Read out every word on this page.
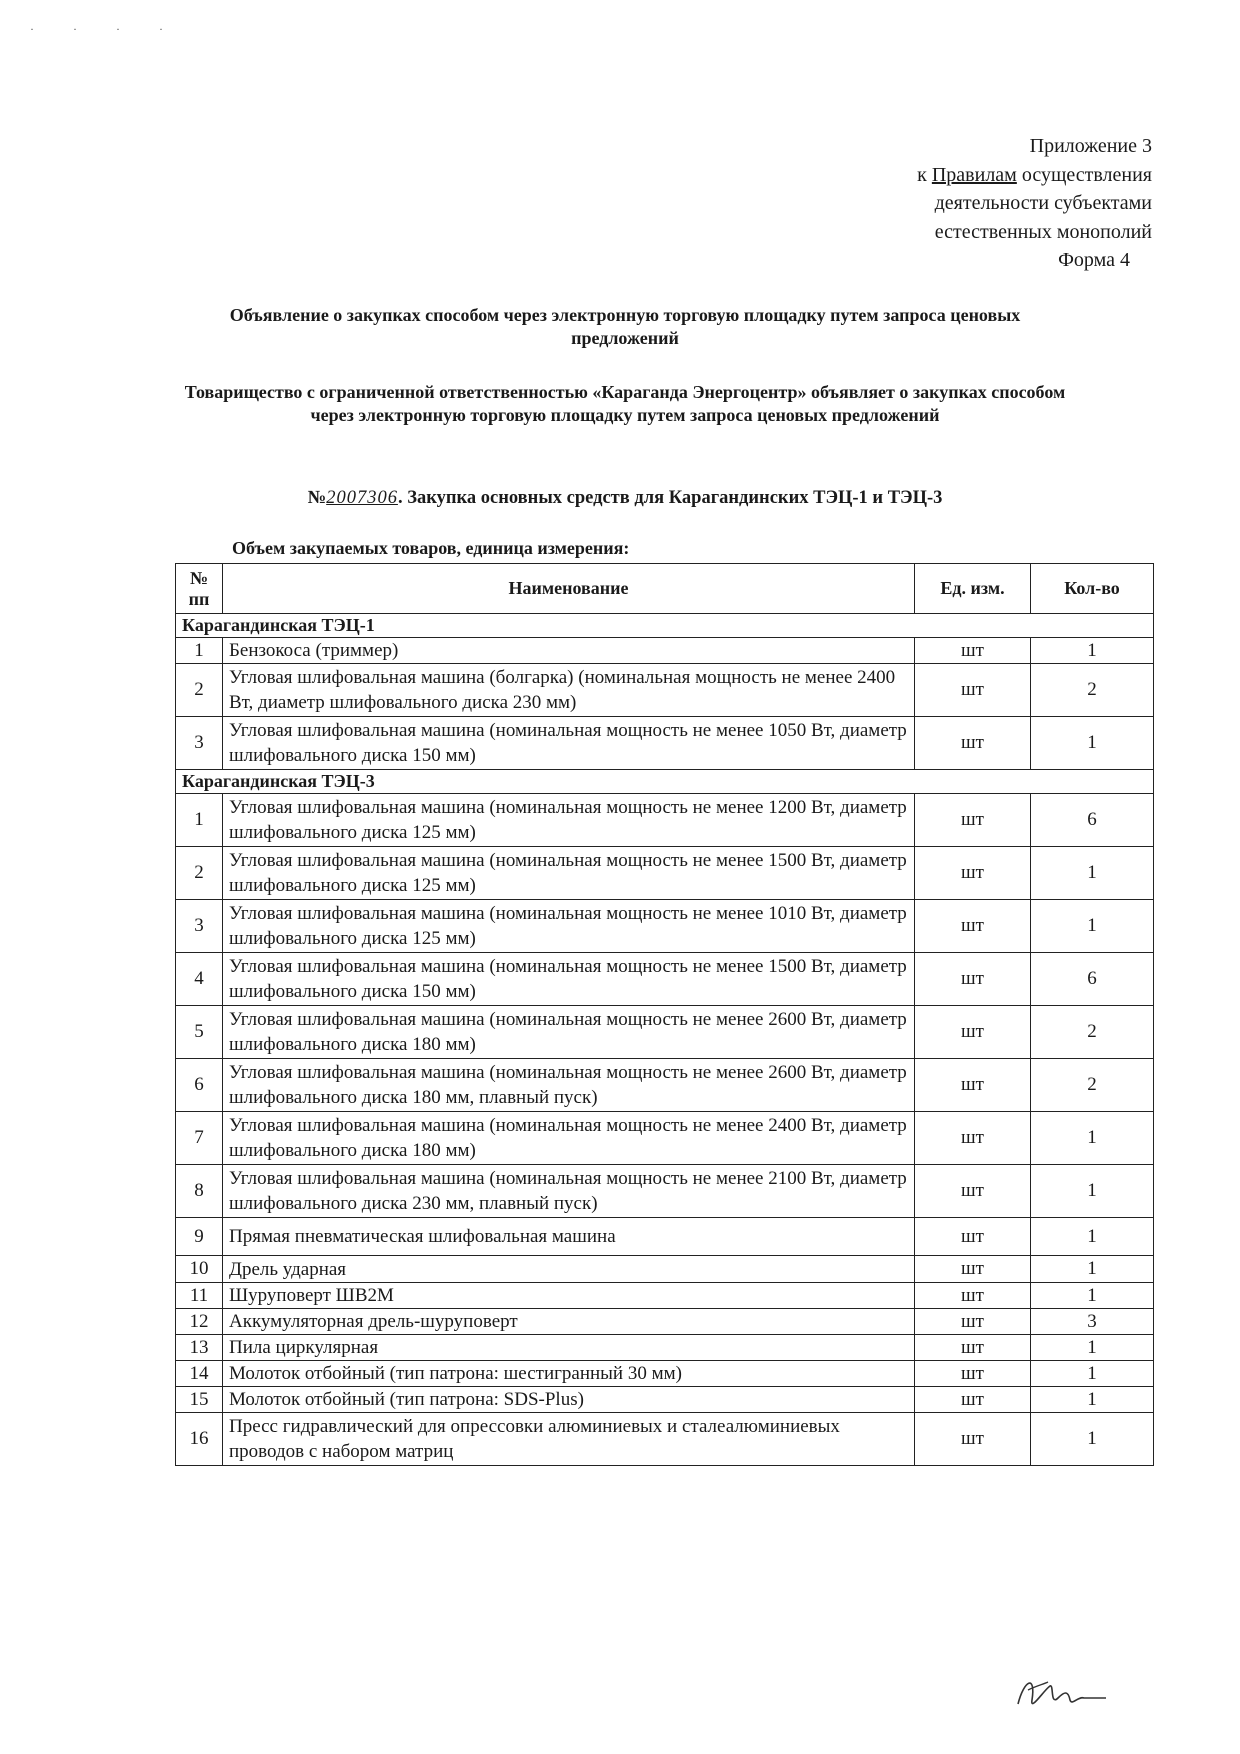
· · · ·
Приложение 3
к Правилам осуществления
деятельности субъектами
естественных монополий
Форма 4
Объявление о закупках способом через электронную торговую площадку путем запроса ценовых предложений
Товарищество с ограниченной ответственностью «Караганда Энергоцентр» объявляет о закупках способом через электронную торговую площадку путем запроса ценовых предложений
№2007306. Закупка основных средств для Карагандинских ТЭЦ-1 и ТЭЦ-3
Объем закупаемых товаров, единица измерения:
№ пп	Наименование	Ед. изм.	Кол-во
Карагандинская ТЭЦ-1			
1	Бензокоса (триммер)	шт	1
2	Угловая шлифовальная машина (болгарка) (номинальная мощность не менее 2400 Вт, диаметр шлифовального диска 230 мм)	шт	2
3	Угловая шлифовальная машина (номинальная мощность не менее 1050 Вт, диаметр шлифовального диска 150 мм)	шт	1
Карагандинская ТЭЦ-3			
1	Угловая шлифовальная машина (номинальная мощность не менее 1200 Вт, диаметр шлифовального диска 125 мм)	шт	6
2	Угловая шлифовальная машина (номинальная мощность не менее 1500 Вт, диаметр шлифовального диска 125 мм)	шт	1
3	Угловая шлифовальная машина (номинальная мощность не менее 1010 Вт, диаметр шлифовального диска 125 мм)	шт	1
4	Угловая шлифовальная машина (номинальная мощность не менее 1500 Вт, диаметр шлифовального диска 150 мм)	шт	6
5	Угловая шлифовальная машина (номинальная мощность не менее 2600 Вт, диаметр шлифовального диска 180 мм)	шт	2
6	Угловая шлифовальная машина (номинальная мощность не менее 2600 Вт, диаметр шлифовального диска 180 мм, плавный пуск)	шт	2
7	Угловая шлифовальная машина (номинальная мощность не менее 2400 Вт, диаметр шлифовального диска 180 мм)	шт	1
8	Угловая шлифовальная машина (номинальная мощность не менее 2100 Вт, диаметр шлифовального диска 230 мм, плавный пуск)	шт	1
9	Прямая пневматическая шлифовальная машина	шт	1
10	Дрель ударная	шт	1
11	Шуруповерт ШВ2М	шт	1
12	Аккумуляторная дрель-шуруповерт	шт	3
13	Пила циркулярная	шт	1
14	Молоток отбойный (тип патрона: шестигранный 30 мм)	шт	1
15	Молоток отбойный (тип патрона: SDS-Plus)	шт	1
16	Пресс гидравлический для опрессовки алюминиевых и сталеалюминиевых проводов с набором матриц	шт	1
